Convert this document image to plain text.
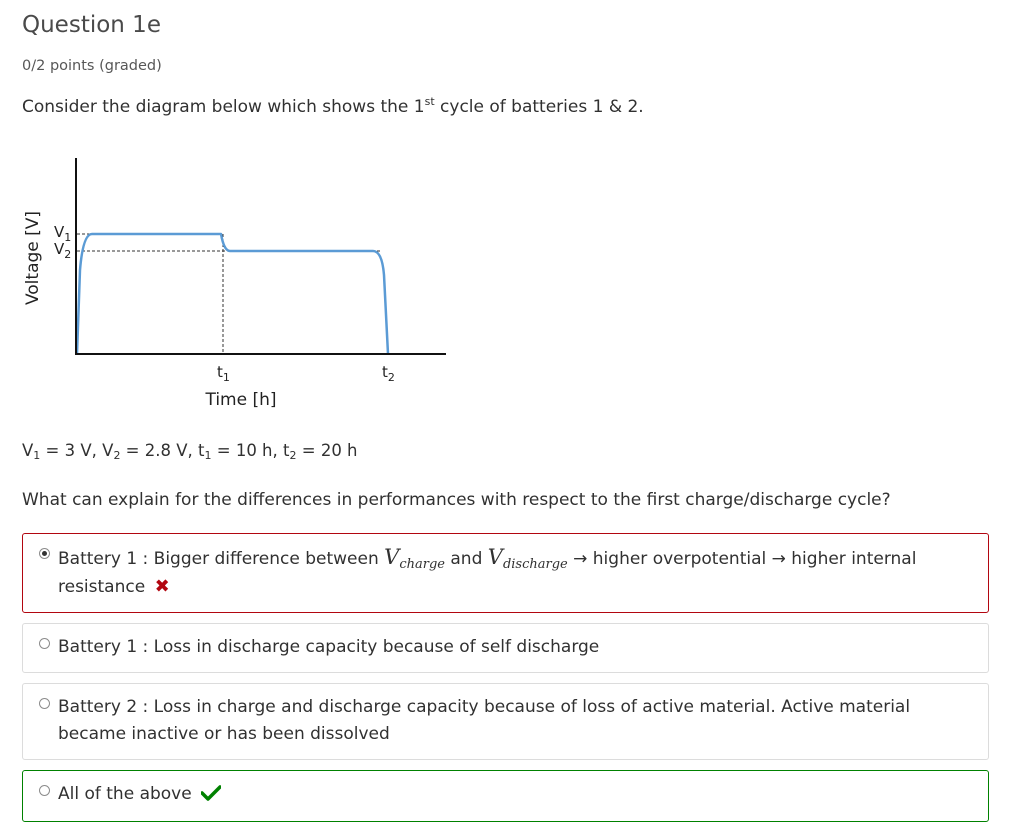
Question 1e
0/2 points (graded)
Consider the diagram below which shows the 1st cycle of batteries 1 & 2.
Voltage [V] $V_1$
$V_2$
$t_1$	$t_2$
Time [h]
$V_1 = 3$ V, $V_2 = 2.8$ V, $t_1 = 10$ h, $t_2 = 20$ h
What can explain for the differences in performances with respect to the first charge/discharge cycle?
Battery 1 : Bigger difference between $V_{charge}$ and $V_{discharge}$ → higher overpotential → higher internal resistance ✖
Battery 1 : Loss in discharge capacity because of self discharge
Battery 2 : Loss in charge and discharge capacity because of loss of active material. Active material became inactive or has been dissolved
All of the above
